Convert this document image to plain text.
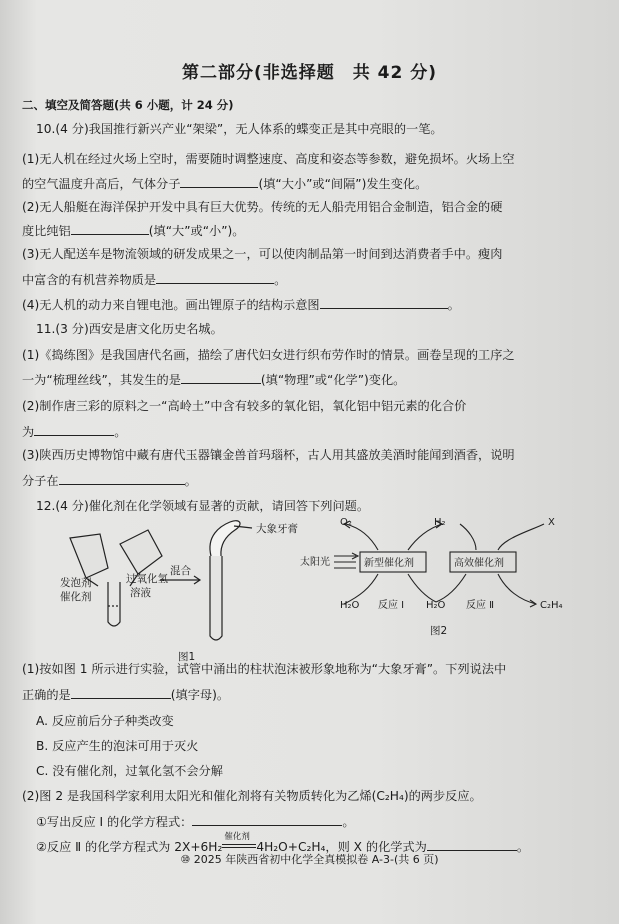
第二部分(非选择题　共 42 分)
二、填空及简答题(共 6 小题，计 24 分)
10.(4 分)我国推行新兴产业“架梁”，无人体系的蝶变正是其中亮眼的一笔。
(1)无人机在经过火场上空时，需要随时调整速度、高度和姿态等参数，避免损坏。火场上空
的空气温度升高后，气体分子	(填“大小”或“间隔”)发生变化。
(2)无人船艇在海洋保护开发中具有巨大优势。传统的无人船壳用铝合金制造，铝合金的硬
度比纯铝	(填“大”或“小”)。
(3)无人配送车是物流领域的研发成果之一，可以使肉制品第一时间到达消费者手中。瘦肉
中富含的有机营养物质是	。
(4)无人机的动力来自锂电池。画出锂原子的结构示意图	。
11.(3 分)西安是唐文化历史名城。
(1)《捣练图》是我国唐代名画，描绘了唐代妇女进行织布劳作时的情景。画卷呈现的工序之
一为“梳理丝线”，其发生的是	(填“物理”或“化学”)变化。
(2)制作唐三彩的原料之一“高岭土”中含有较多的氧化铝，氧化铝中铝元素的化合价
为	。
(3)陕西历史博物馆中藏有唐代玉器镶金兽首玛瑙杯，古人用其盛放美酒时能闻到酒香，说明
分子在	。
12.(4 分)催化剂在化学领域有显著的贡献，请回答下列问题。
大象牙膏
发泡剂
催化剂
过氧化氢
溶液
混合
图1
O₂	H₂	X
太阳光	新型催化剂	高效催化剂
H₂O	H₂O	C₂H₄
反应 Ⅰ	反应 Ⅱ
图2
(1)按如图 1 所示进行实验，试管中涌出的柱状泡沫被形象地称为“大象牙膏”。下列说法中
正确的是	(填字母)。
A. 反应前后分子种类改变
B. 反应产生的泡沫可用于灭火
C. 没有催化剂，过氧化氢不会分解
(2)图 2 是我国科学家利用太阳光和催化剂将有关物质转化为乙烯(C₂H₄)的两步反应。
①写出反应 Ⅰ 的化学方程式：	。
②反应 Ⅱ 的化学方程式为 2X+6H₂
催化剂
4H₂O+C₂H₄，则 X 的化学式为	。
⑩ 2025 年陕西省初中化学全真模拟卷 A-3-(共 6 页)
